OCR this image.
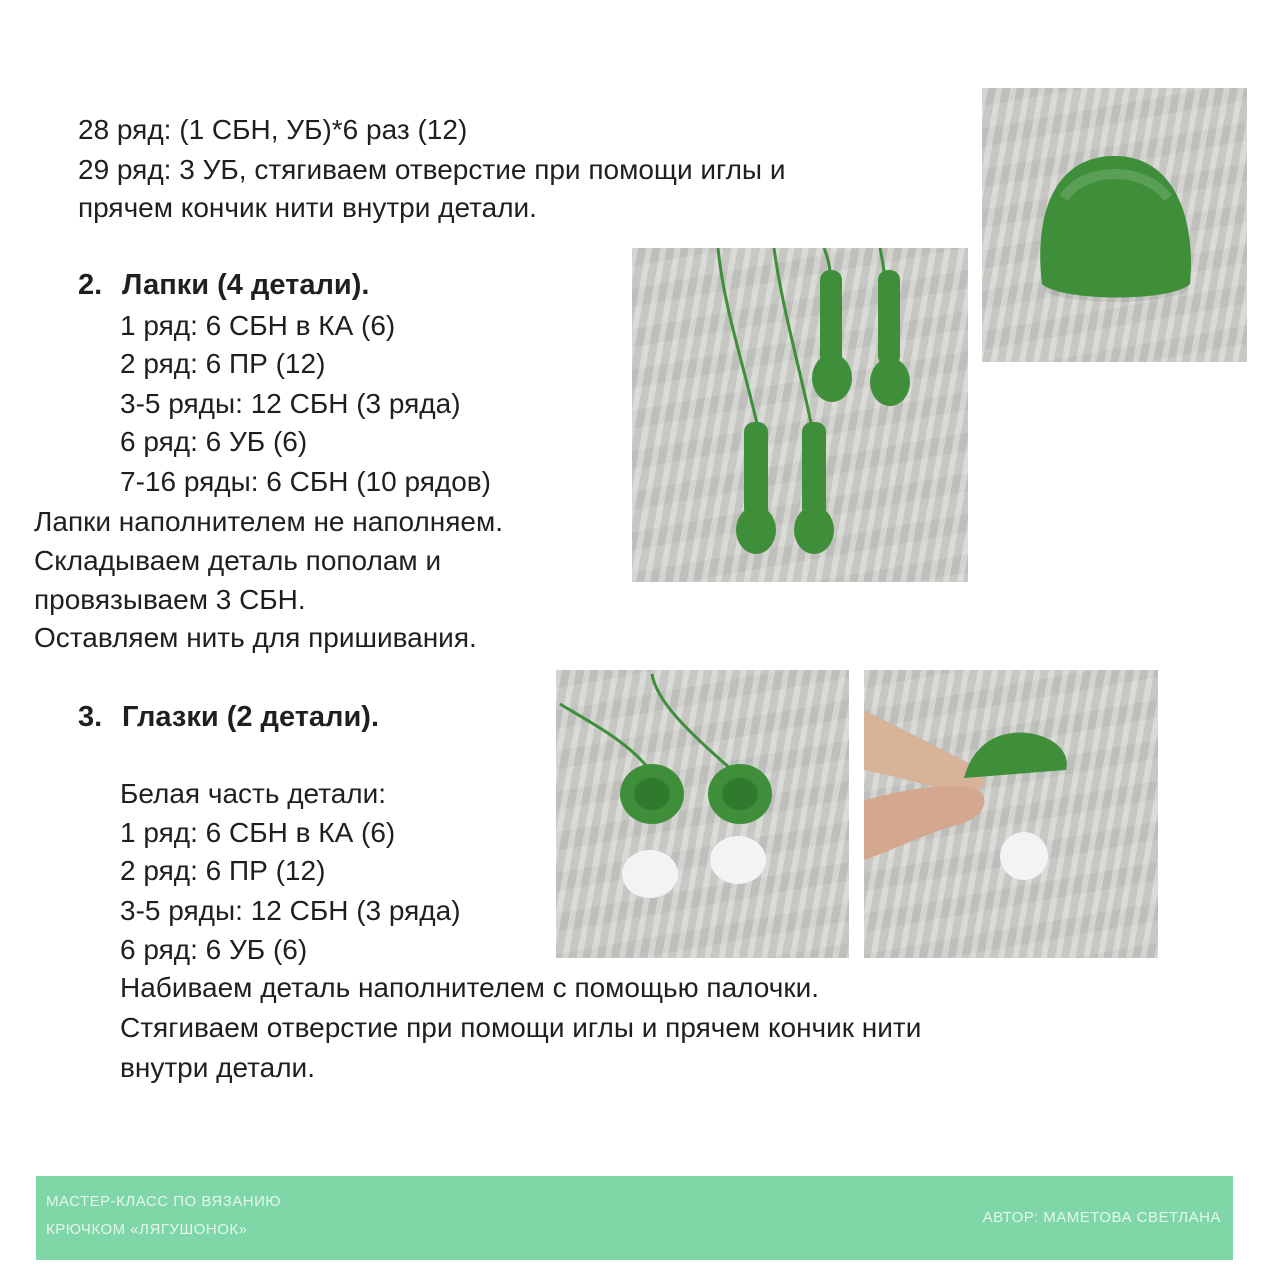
28 ряд: (1 СБН, УБ)*6 раз (12)
29 ряд: 3 УБ, стягиваем отверстие при помощи иглы и
прячем кончик нити внутри детали.
2. Лапки (4 детали).
1 ряд: 6 СБН в КА (6)
2 ряд: 6 ПР (12)
3-5 ряды: 12 СБН (3 ряда)
6 ряд: 6 УБ (6)
7-16 ряды: 6 СБН (10 рядов)
Лапки наполнителем не наполняем.
Складываем деталь пополам и
провязываем 3 СБН.
Оставляем нить для пришивания.
3. Глазки (2 детали).
Белая часть детали:
1 ряд: 6 СБН в КА (6)
2 ряд: 6 ПР (12)
3-5 ряды: 12 СБН (3 ряда)
6 ряд: 6 УБ (6)
Набиваем деталь наполнителем с помощью палочки.
Стягиваем отверстие при помощи иглы и прячем кончик нити
внутри детали.
МАСТЕР-КЛАСС ПО ВЯЗАНИЮ
КРЮЧКОМ «ЛЯГУШОНОК»
АВТОР: МАМЕТОВА СВЕТЛАНА
